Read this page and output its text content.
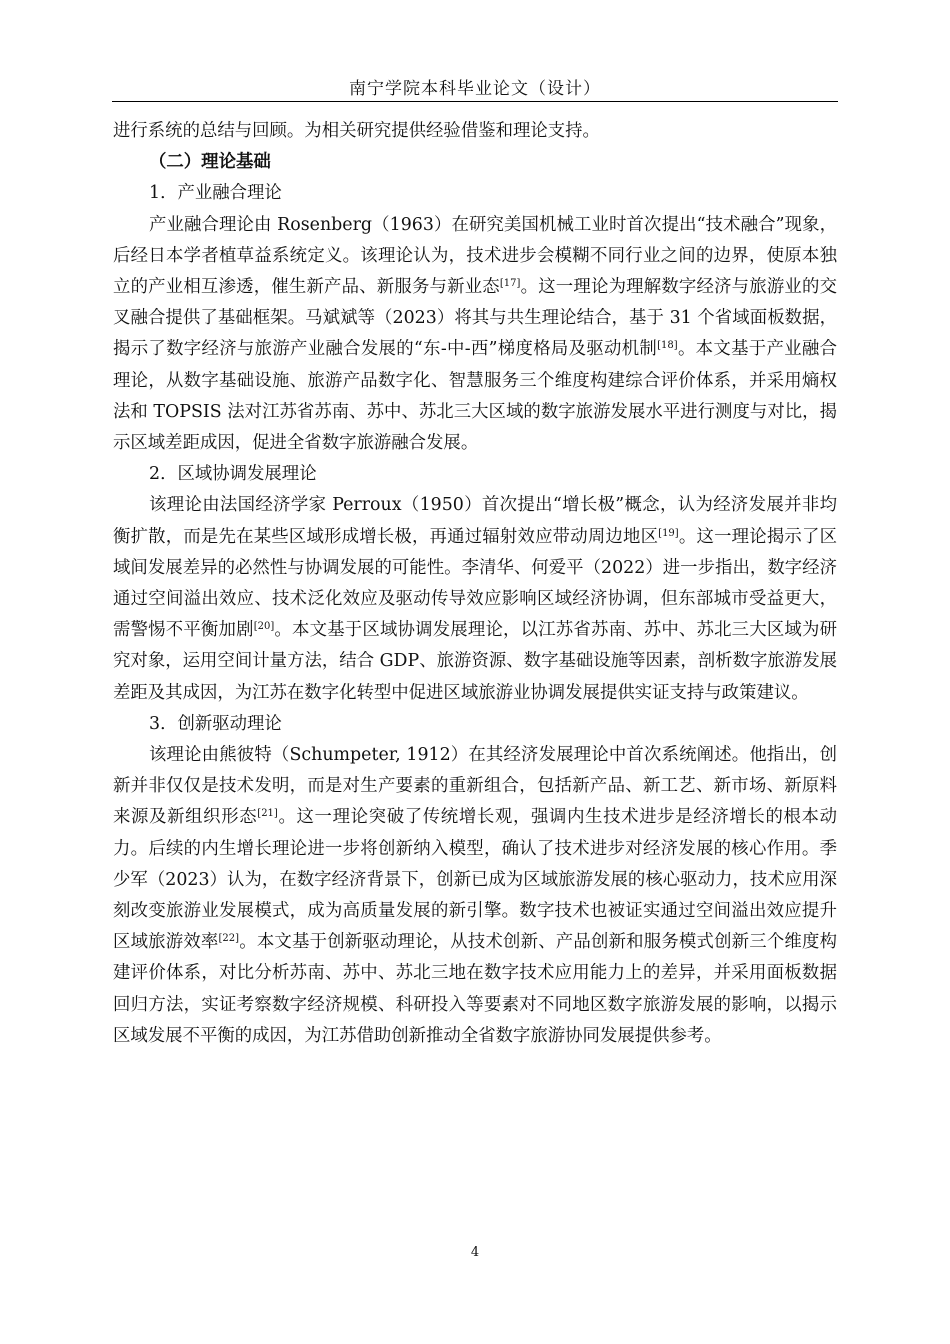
南宁学院本科毕业论文（设计）

进行系统的总结与回顾。为相关研究提供经验借鉴和理论支持。

（二）理论基础

1．产业融合理论

产业融合理论由 Rosenberg（1963）在研究美国机械工业时首次提出“技术融合”现象，后经日本学者植草益系统定义。该理论认为，技术进步会模糊不同行业之间的边界，使原本独立的产业相互渗透，催生新产品、新服务与新业态[17]。这一理论为理解数字经济与旅游业的交叉融合提供了基础框架。马斌斌等（2023）将其与共生理论结合，基于 31 个省域面板数据，揭示了数字经济与旅游产业融合发展的“东-中-西”梯度格局及驱动机制[18]。本文基于产业融合理论，从数字基础设施、旅游产品数字化、智慧服务三个维度构建综合评价体系，并采用熵权法和 TOPSIS 法对江苏省苏南、苏中、苏北三大区域的数字旅游发展水平进行测度与对比，揭示区域差距成因，促进全省数字旅游融合发展。

2．区域协调发展理论

该理论由法国经济学家 Perroux（1950）首次提出“增长极”概念，认为经济发展并非均衡扩散，而是先在某些区域形成增长极，再通过辐射效应带动周边地区[19]。这一理论揭示了区域间发展差异的必然性与协调发展的可能性。李清华、何爱平（2022）进一步指出，数字经济通过空间溢出效应、技术泛化效应及驱动传导效应影响区域经济协调，但东部城市受益更大，需警惕不平衡加剧[20]。本文基于区域协调发展理论，以江苏省苏南、苏中、苏北三大区域为研究对象，运用空间计量方法，结合 GDP、旅游资源、数字基础设施等因素，剖析数字旅游发展差距及其成因，为江苏在数字化转型中促进区域旅游业协调发展提供实证支持与政策建议。

3．创新驱动理论

该理论由熊彼特（Schumpeter, 1912）在其经济发展理论中首次系统阐述。他指出，创新并非仅仅是技术发明，而是对生产要素的重新组合，包括新产品、新工艺、新市场、新原料来源及新组织形态[21]。这一理论突破了传统增长观，强调内生技术进步是经济增长的根本动力。后续的内生增长理论进一步将创新纳入模型，确认了技术进步对经济发展的核心作用。季少军（2023）认为，在数字经济背景下，创新已成为区域旅游发展的核心驱动力，技术应用深刻改变旅游业发展模式，成为高质量发展的新引擎。数字技术也被证实通过空间溢出效应提升区域旅游效率[22]。本文基于创新驱动理论，从技术创新、产品创新和服务模式创新三个维度构建评价体系，对比分析苏南、苏中、苏北三地在数字技术应用能力上的差异，并采用面板数据回归方法，实证考察数字经济规模、科研投入等要素对不同地区数字旅游发展的影响，以揭示区域发展不平衡的成因，为江苏借助创新推动全省数字旅游协同发展提供参考。

4
